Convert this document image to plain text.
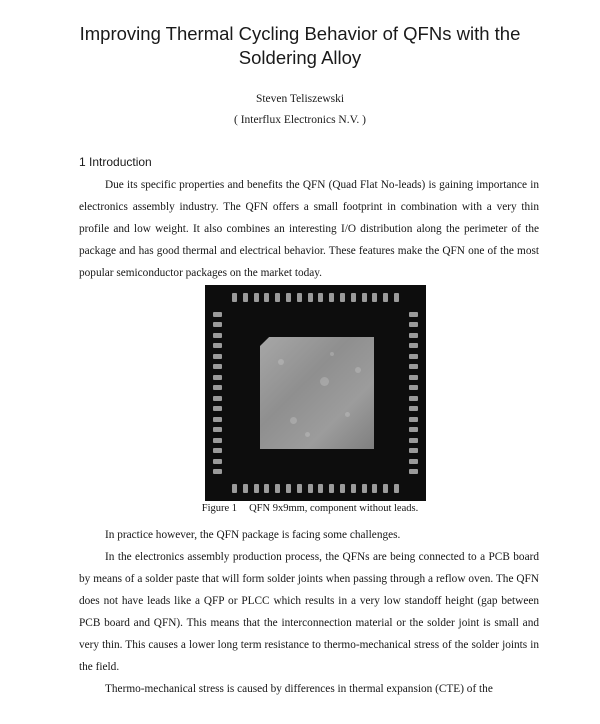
Improving Thermal Cycling Behavior of QFNs with the
Soldering Alloy
Steven Teliszewski
( Interflux Electronics N.V. )
1 Introduction

Due its specific properties and benefits the QFN (Quad Flat No-leads) is gaining importance in electronics assembly industry. The QFN offers a small footprint in combination with a very thin profile and low weight. It also combines an interesting I/O distribution along the perimeter of the package and has good thermal and electrical behavior. These features make the QFN one of the most popular semiconductor packages on the market today.

Figure 1 QFN 9x9mm, component without leads.

In practice however, the QFN package is facing some challenges.

In the electronics assembly production process, the QFNs are being connected to a PCB board by means of a solder paste that will form solder joints when passing through a reflow oven. The QFN does not have leads like a QFP or PLCC which results in a very low standoff height (gap between PCB board and QFN). This means that the interconnection material or the solder joint is small and very thin. This causes a lower long term resistance to thermo-mechanical stress of the solder joints in the field.

Thermo-mechanical stress is caused by differences in thermal expansion (CTE) of the
